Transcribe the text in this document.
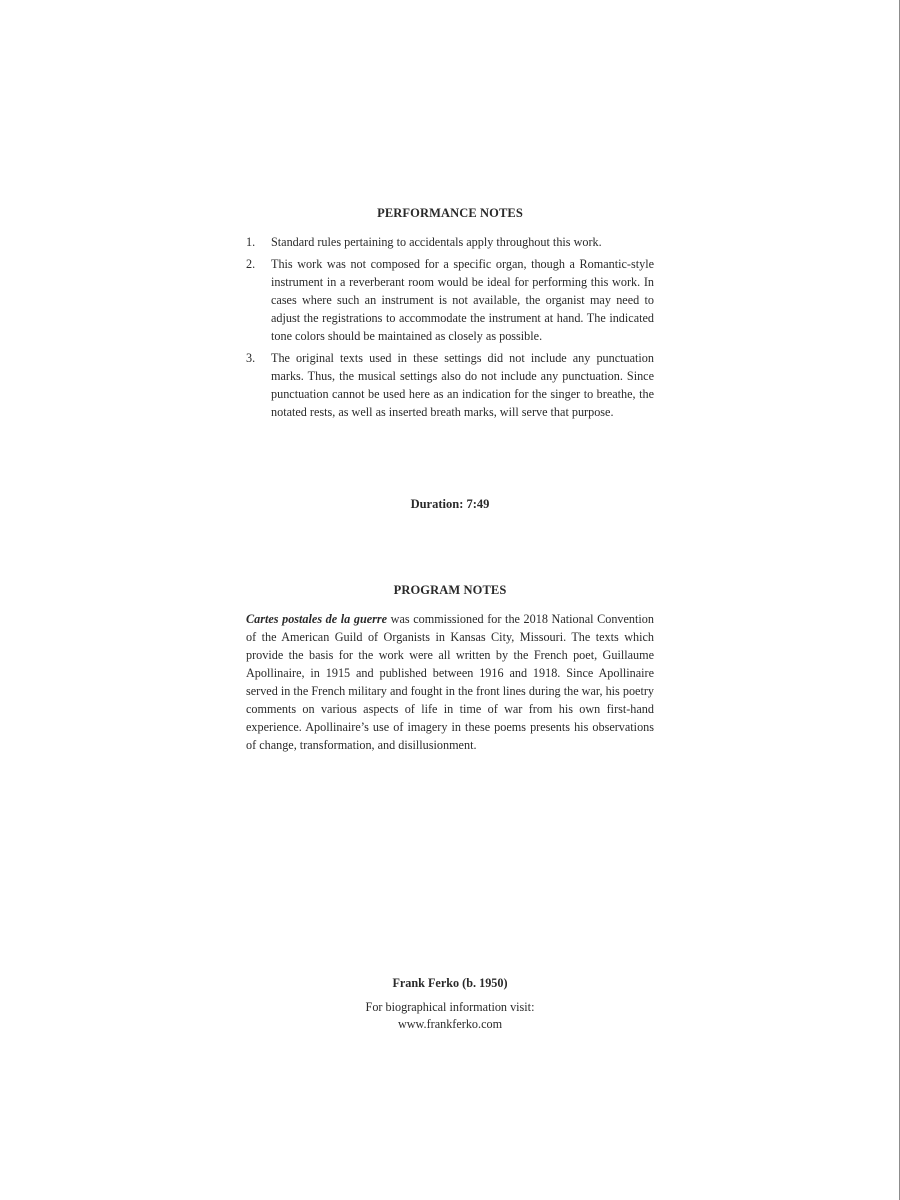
PERFORMANCE NOTES
1. Standard rules pertaining to accidentals apply throughout this work.
2. This work was not composed for a specific organ, though a Romantic-style instrument in a reverberant room would be ideal for performing this work. In cases where such an instrument is not available, the organist may need to adjust the registrations to accommodate the instrument at hand. The indicated tone colors should be maintained as closely as possible.
3. The original texts used in these settings did not include any punctuation marks. Thus, the musical settings also do not include any punctuation. Since punctuation cannot be used here as an indication for the singer to breathe, the notated rests, as well as inserted breath marks, will serve that purpose.
Duration: 7:49
PROGRAM NOTES

Cartes postales de la guerre was commissioned for the 2018 National Convention of the American Guild of Organists in Kansas City, Missouri. The texts which provide the basis for the work were all written by the French poet, Guillaume Apollinaire, in 1915 and published between 1916 and 1918. Since Apollinaire served in the French military and fought in the front lines during the war, his poetry comments on various aspects of life in time of war from his own first-hand experience. Apollinaire’s use of imagery in these poems presents his observations of change, transformation, and disillusionment.

Frank Ferko (b. 1950)

For biographical information visit:

www.frankferko.com
